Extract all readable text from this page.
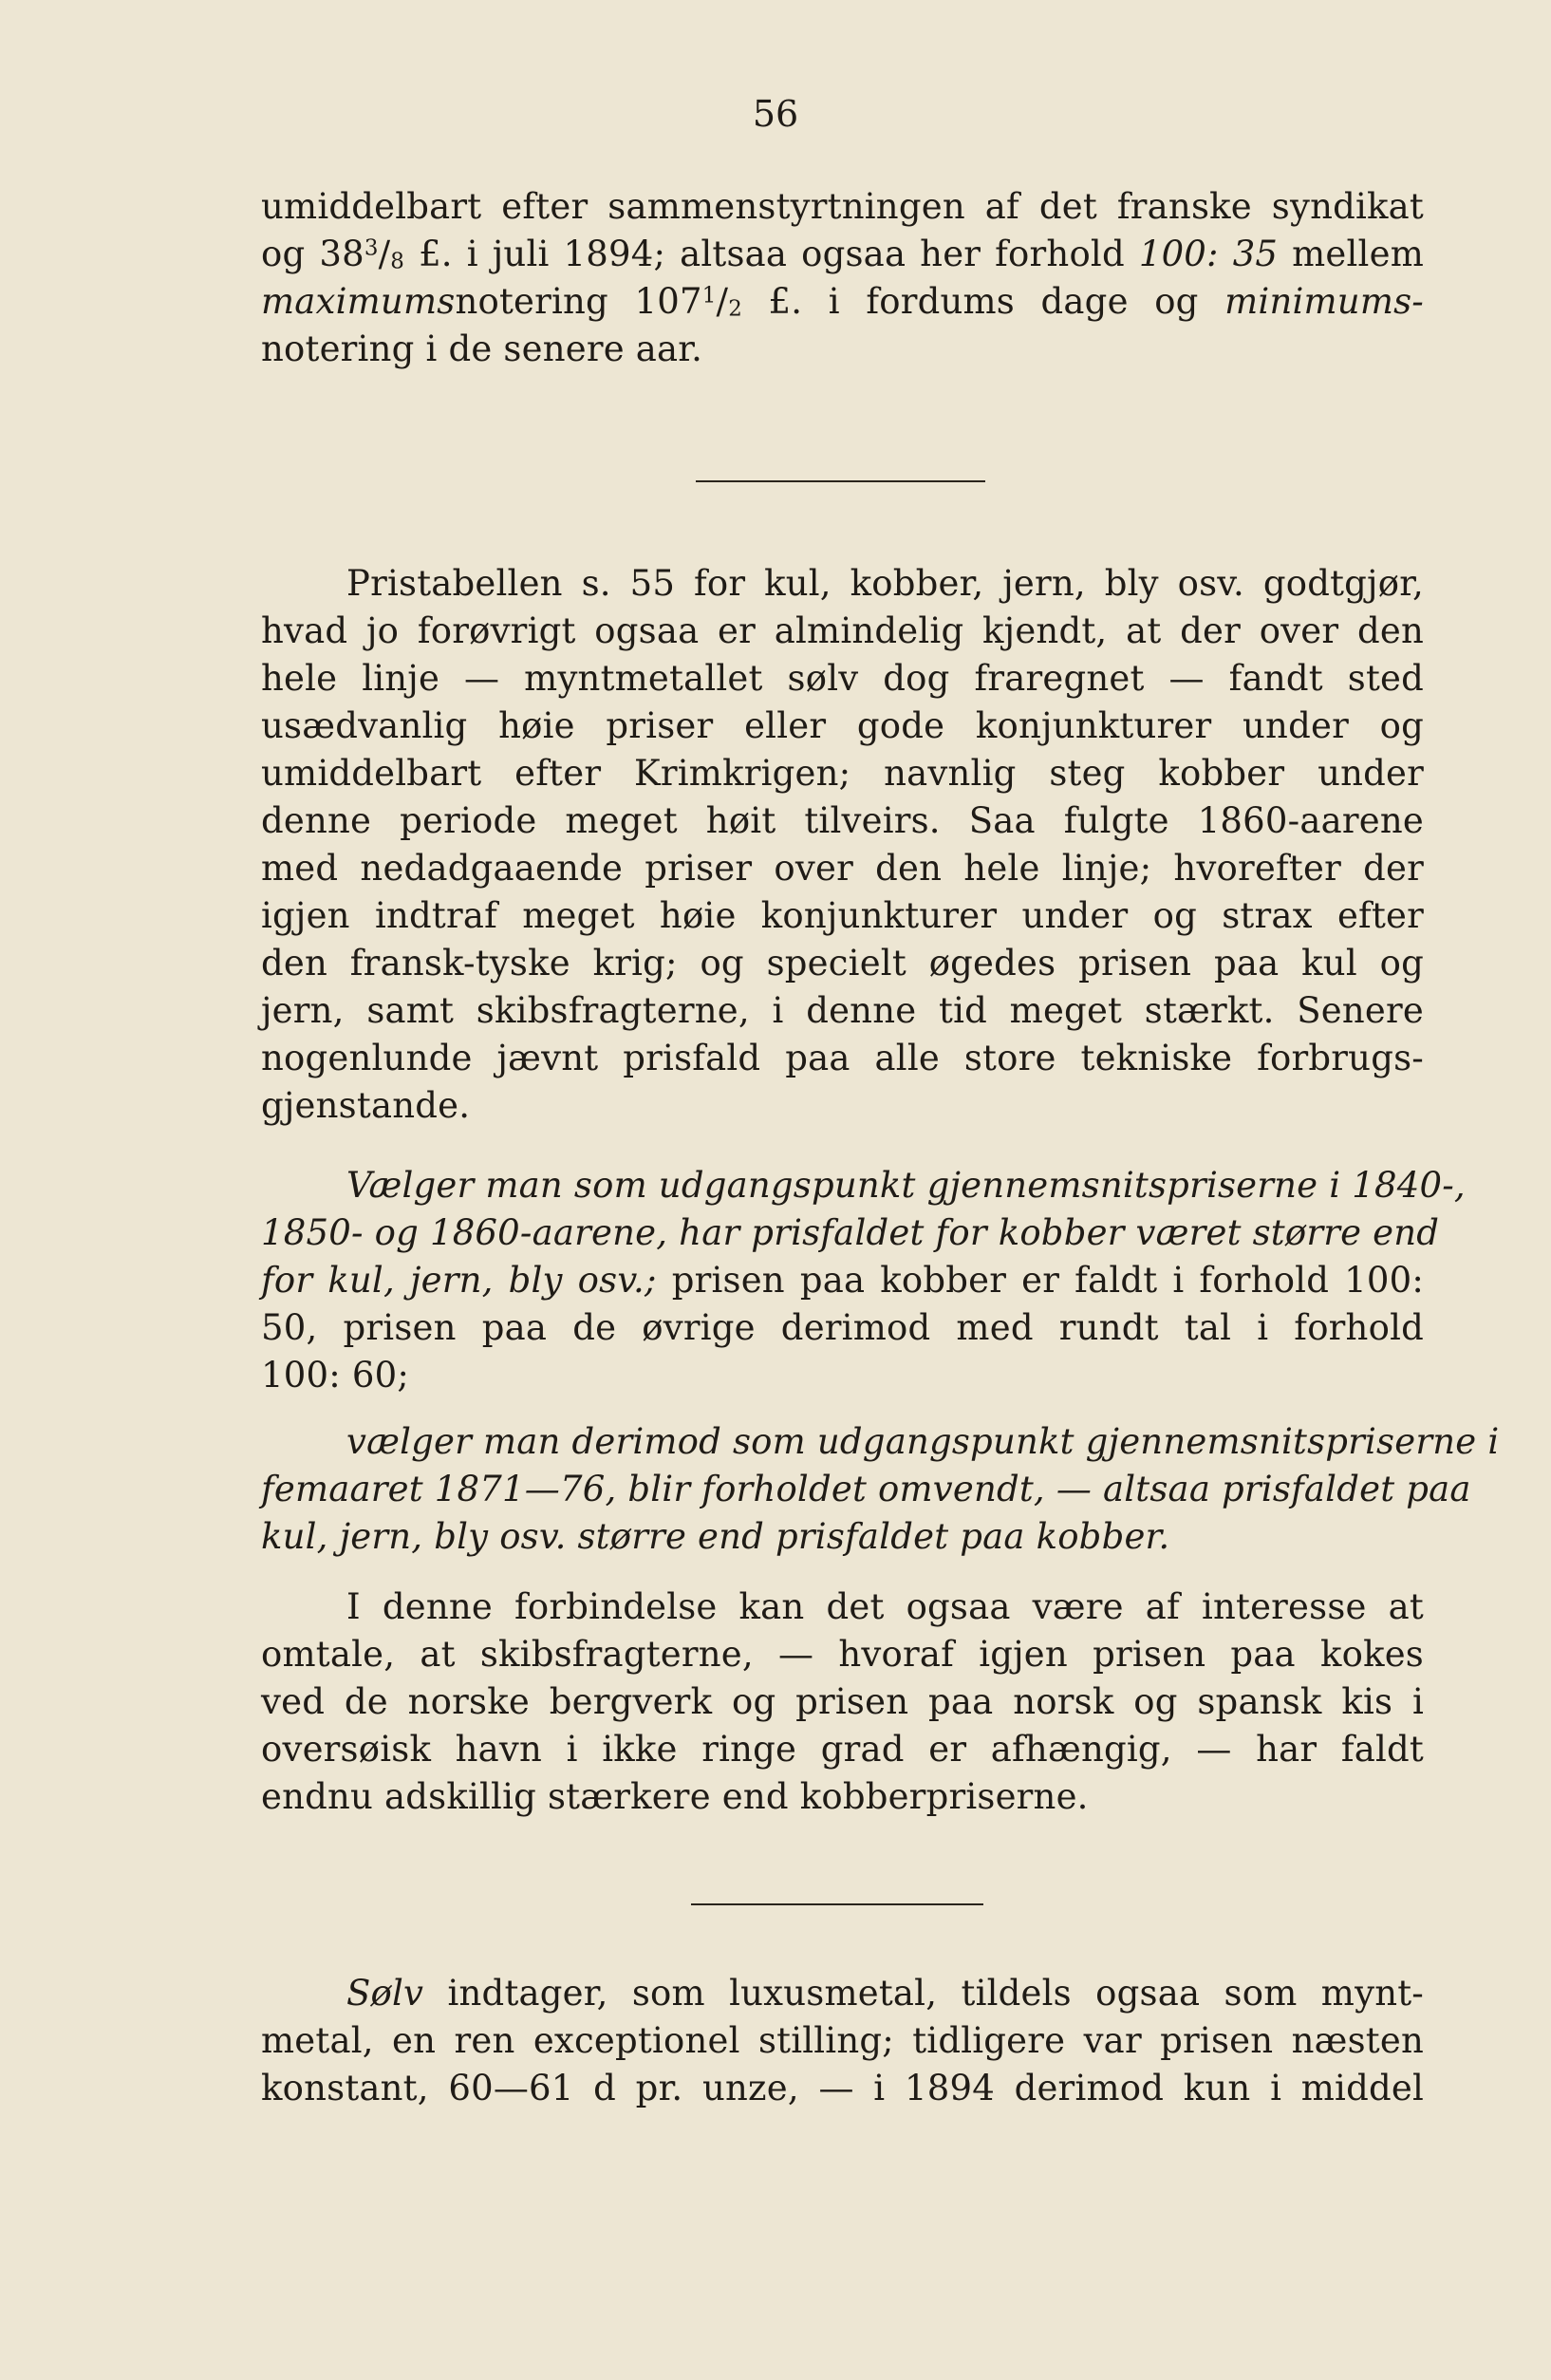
56
umiddelbart efter sammenstyrtningen af det franske syndikat
og $38^3/_8$ £. i juli 1894; altsaa ogsaa her forhold 100: 35 mellem
maximumsnotering $107^1/_2$ £. i fordums dage og minimums-
notering i de senere aar.
Pristabellen s. 55 for kul, kobber, jern, bly osv. godtgjør,
hvad jo forøvrigt ogsaa er almindelig kjendt, at der over den
hele linje — myntmetallet sølv dog fraregnet — fandt sted
usædvanlig høie priser eller gode konjunkturer under og
umiddelbart efter Krimkrigen; navnlig steg kobber under
denne periode meget høit tilveirs. Saa fulgte 1860-aarene
med nedadgaaende priser over den hele linje; hvorefter der
igjen indtraf meget høie konjunkturer under og strax efter
den fransk-tyske krig; og specielt øgedes prisen paa kul og
jern, samt skibsfragterne, i denne tid meget stærkt. Senere
nogenlunde jævnt prisfald paa alle store tekniske forbrugs-
gjenstande.
Vælger man som udgangspunkt gjennemsnitspriserne i 1840-,
1850- og 1860-aarene, har prisfaldet for kobber været større end
for kul, jern, bly osv.; prisen paa kobber er faldt i forhold 100:
50, prisen paa de øvrige derimod med rundt tal i forhold
100: 60;
vælger man derimod som udgangspunkt gjennemsnitspriserne i
femaaret 1871—76, blir forholdet omvendt, — altsaa prisfaldet paa
kul, jern, bly osv. større end prisfaldet paa kobber.
I denne forbindelse kan det ogsaa være af interesse at
omtale, at skibsfragterne, — hvoraf igjen prisen paa kokes
ved de norske bergverk og prisen paa norsk og spansk kis i
oversøisk havn i ikke ringe grad er afhængig, — har faldt
endnu adskillig stærkere end kobberpriserne.
Sølv indtager, som luxusmetal, tildels ogsaa som mynt-
metal, en ren exceptionel stilling; tidligere var prisen næsten
konstant, 60—61 d pr. unze, — i 1894 derimod kun i middel
